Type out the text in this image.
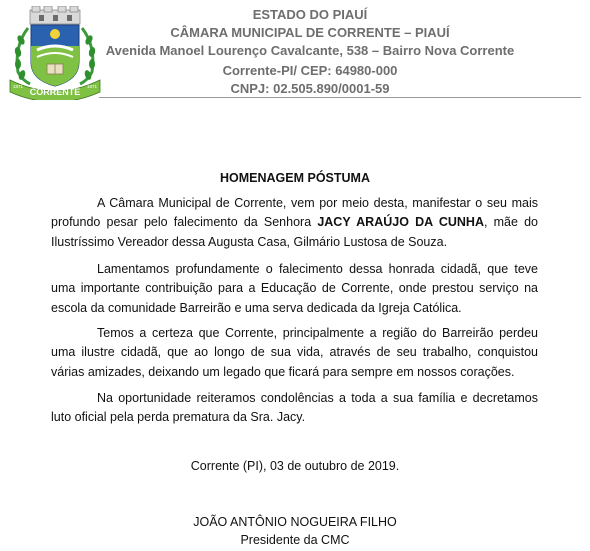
CORRENTE
1871	1871
ESTADO DO PIAUÍ
CÂMARA MUNICIPAL DE CORRENTE – PIAUÍ
Avenida Manoel Lourenço Cavalcante, 538 – Bairro Nova Corrente
Corrente-PI/ CEP: 64980-000
CNPJ: 02.505.890/0001-59
HOMENAGEM PÓSTUMA

A Câmara Municipal de Corrente, vem por meio desta, manifestar o seu mais profundo pesar pelo falecimento da Senhora JACY ARAÚJO DA CUNHA, mãe do Ilustríssimo Vereador dessa Augusta Casa, Gilmário Lustosa de Souza.

Lamentamos profundamente o falecimento dessa honrada cidadã, que teve uma importante contribuição para a Educação de Corrente, onde prestou serviço na escola da comunidade Barreirão e uma serva dedicada da Igreja Católica.

Temos a certeza que Corrente, principalmente a região do Barreirão perdeu uma ilustre cidadã, que ao longo de sua vida, através de seu trabalho, conquistou várias amizades, deixando um legado que ficará para sempre em nossos corações.

Na oportunidade reiteramos condolências a toda a sua família e decretamos luto oficial pela perda prematura da Sra. Jacy.

Corrente (PI), 03 de outubro de 2019.
JOÃO ANTÔNIO NOGUEIRA FILHO
Presidente da CMC
